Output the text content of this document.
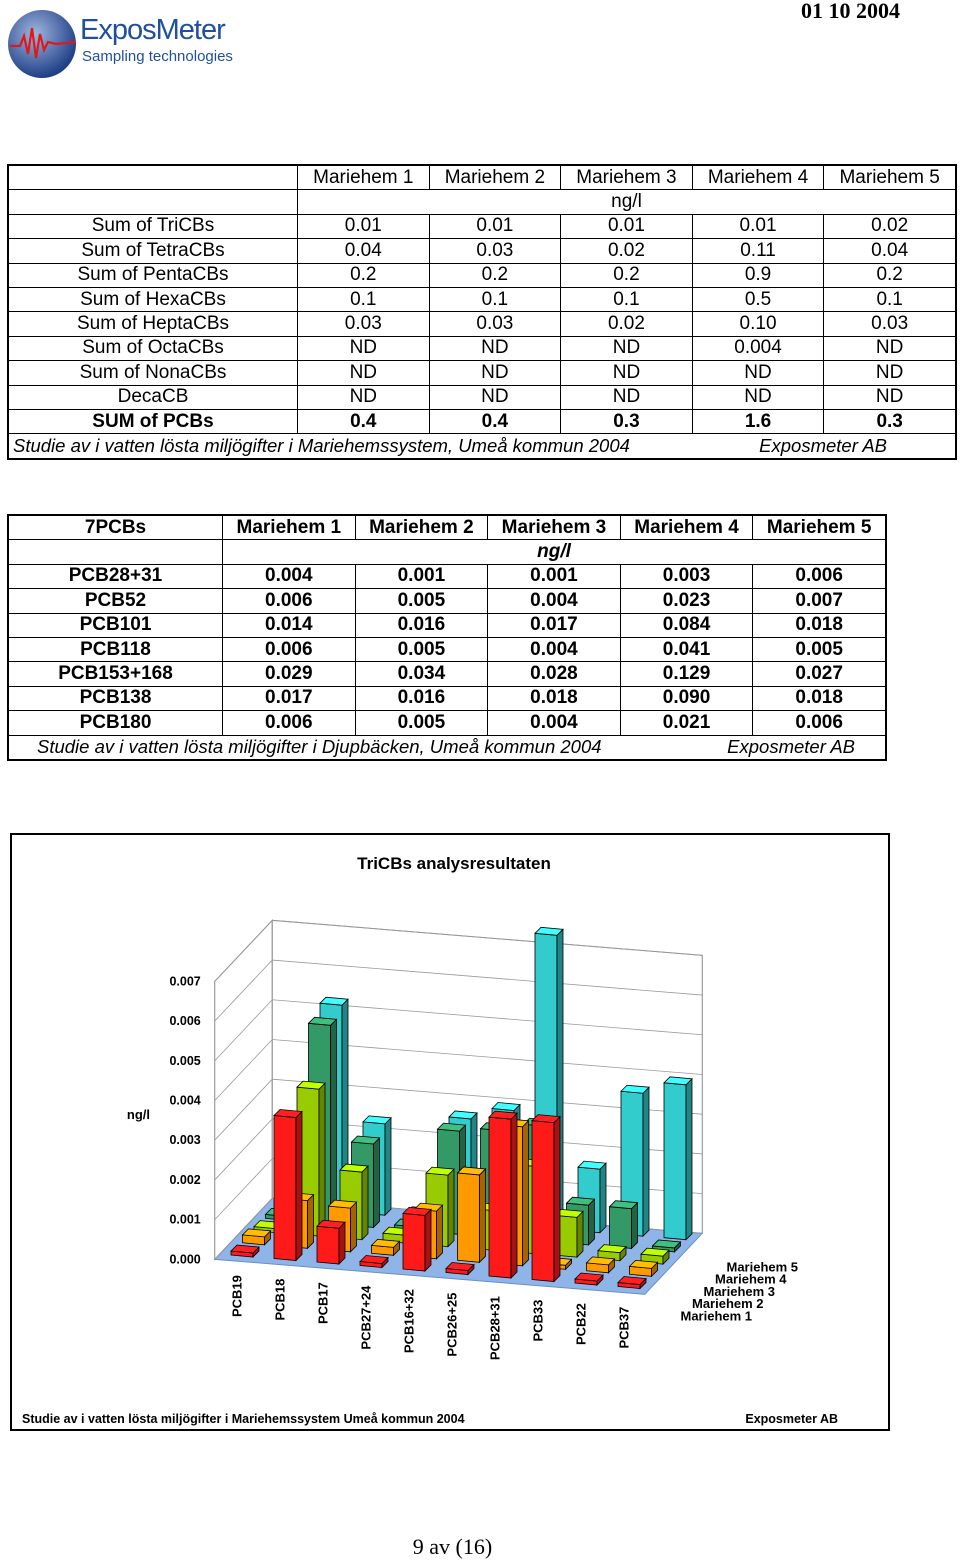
ExposMeter
Sampling technologies
01 10 2004
	Mariehem 1	Mariehem 2	Mariehem 3	Mariehem 4	Mariehem 5
	ng/l				
Sum of TriCBs	0.01	0.01	0.01	0.01	0.02
Sum of TetraCBs	0.04	0.03	0.02	0.11	0.04
Sum of PentaCBs	0.2	0.2	0.2	0.9	0.2
Sum of HexaCBs	0.1	0.1	0.1	0.5	0.1
Sum of HeptaCBs	0.03	0.03	0.02	0.10	0.03
Sum of OctaCBs	ND	ND	ND	0.004	ND
Sum of NonaCBs	ND	ND	ND	ND	ND
DecaCB	ND	ND	ND	ND	ND
SUM of PCBs	0.4	0.4	0.3	1.6	0.3
Studie av i vatten lösta miljögifter i Mariehemssystem, Umeå kommun 2004 Exposmeter AB					
7PCBs	Mariehem 1	Mariehem 2	Mariehem 3	Mariehem 4	Mariehem 5
	ng/l				
PCB28+31	0.004	0.001	0.001	0.003	0.006
PCB52	0.006	0.005	0.004	0.023	0.007
PCB101	0.014	0.016	0.017	0.084	0.018
PCB118	0.006	0.005	0.004	0.041	0.005
PCB153+168	0.029	0.034	0.028	0.129	0.027
PCB138	0.017	0.016	0.018	0.090	0.018
PCB180	0.006	0.005	0.004	0.021	0.006
Studie av i vatten lösta miljögifter i Djupbäcken, Umeå kommun 2004 Exposmeter AB					
TriCBs analysresultaten
0.000
0.001
0.002
0.003
0.004
0.005
0.006
0.007
ng/l
PCB19 PCB18 PCB17 PCB27+24 PCB16+32 PCB26+25 PCB28+31 PCB33 PCB22 PCB37	Mariehem 1
Mariehem 2
Mariehem 3
Mariehem 4
Mariehem 5
Studie av i vatten lösta miljögifter i Mariehemssystem Umeå kommun 2004	Exposmeter AB
9 av (16)
